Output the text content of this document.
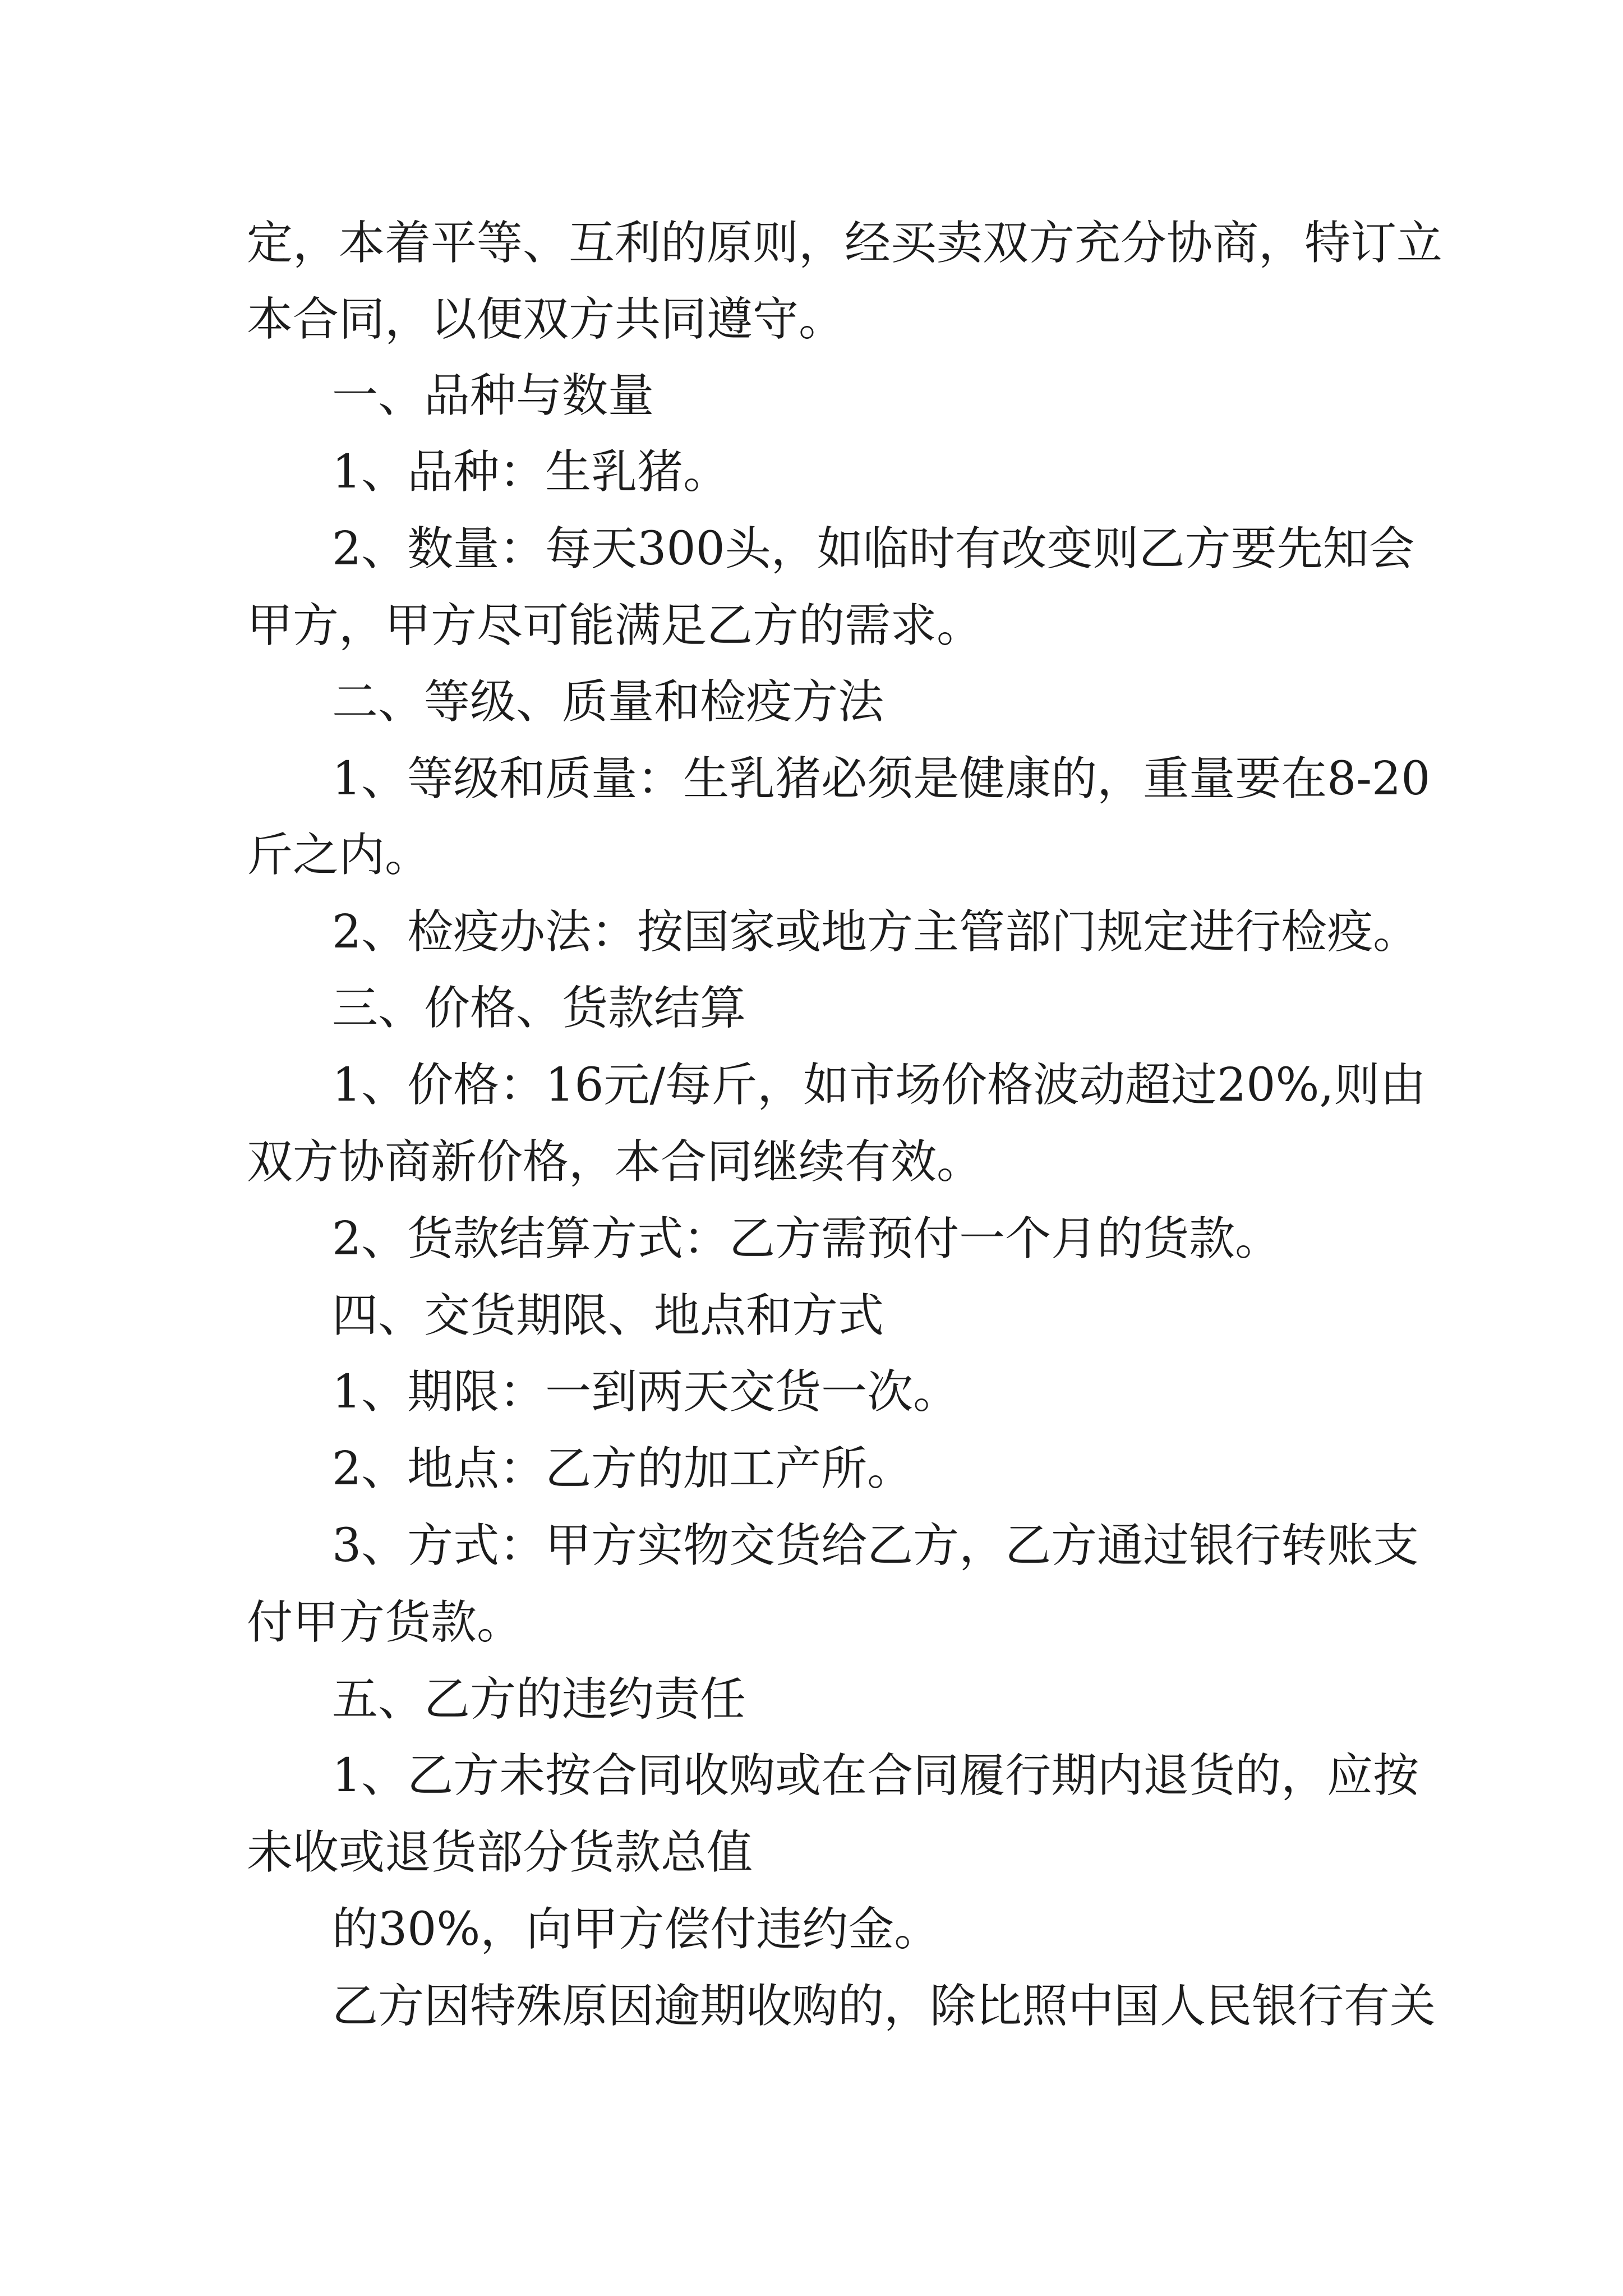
定，本着平等、互利的原则，经买卖双方充分协商，特订立
本合同，以便双方共同遵守。
一、品种与数量
1、品种：生乳猪。
2、数量：每天300头，如临时有改变则乙方要先知会
甲方，甲方尽可能满足乙方的需求。
二、等级、质量和检疫方法
1、等级和质量：生乳猪必须是健康的，重量要在8-20
斤之内。
2、检疫办法：按国家或地方主管部门规定进行检疫。
三、价格、货款结算
1、价格：16元/每斤，如市场价格波动超过20%,则由
双方协商新价格，本合同继续有效。
2、货款结算方式：乙方需预付一个月的货款。
四、交货期限、地点和方式
1、期限：一到两天交货一次。
2、地点：乙方的加工产所。
3、方式：甲方实物交货给乙方，乙方通过银行转账支
付甲方货款。
五、乙方的违约责任
1、乙方未按合同收购或在合同履行期内退货的，应按
未收或退货部分货款总值
的30%，向甲方偿付违约金。
乙方因特殊原因逾期收购的，除比照中国人民银行有关
